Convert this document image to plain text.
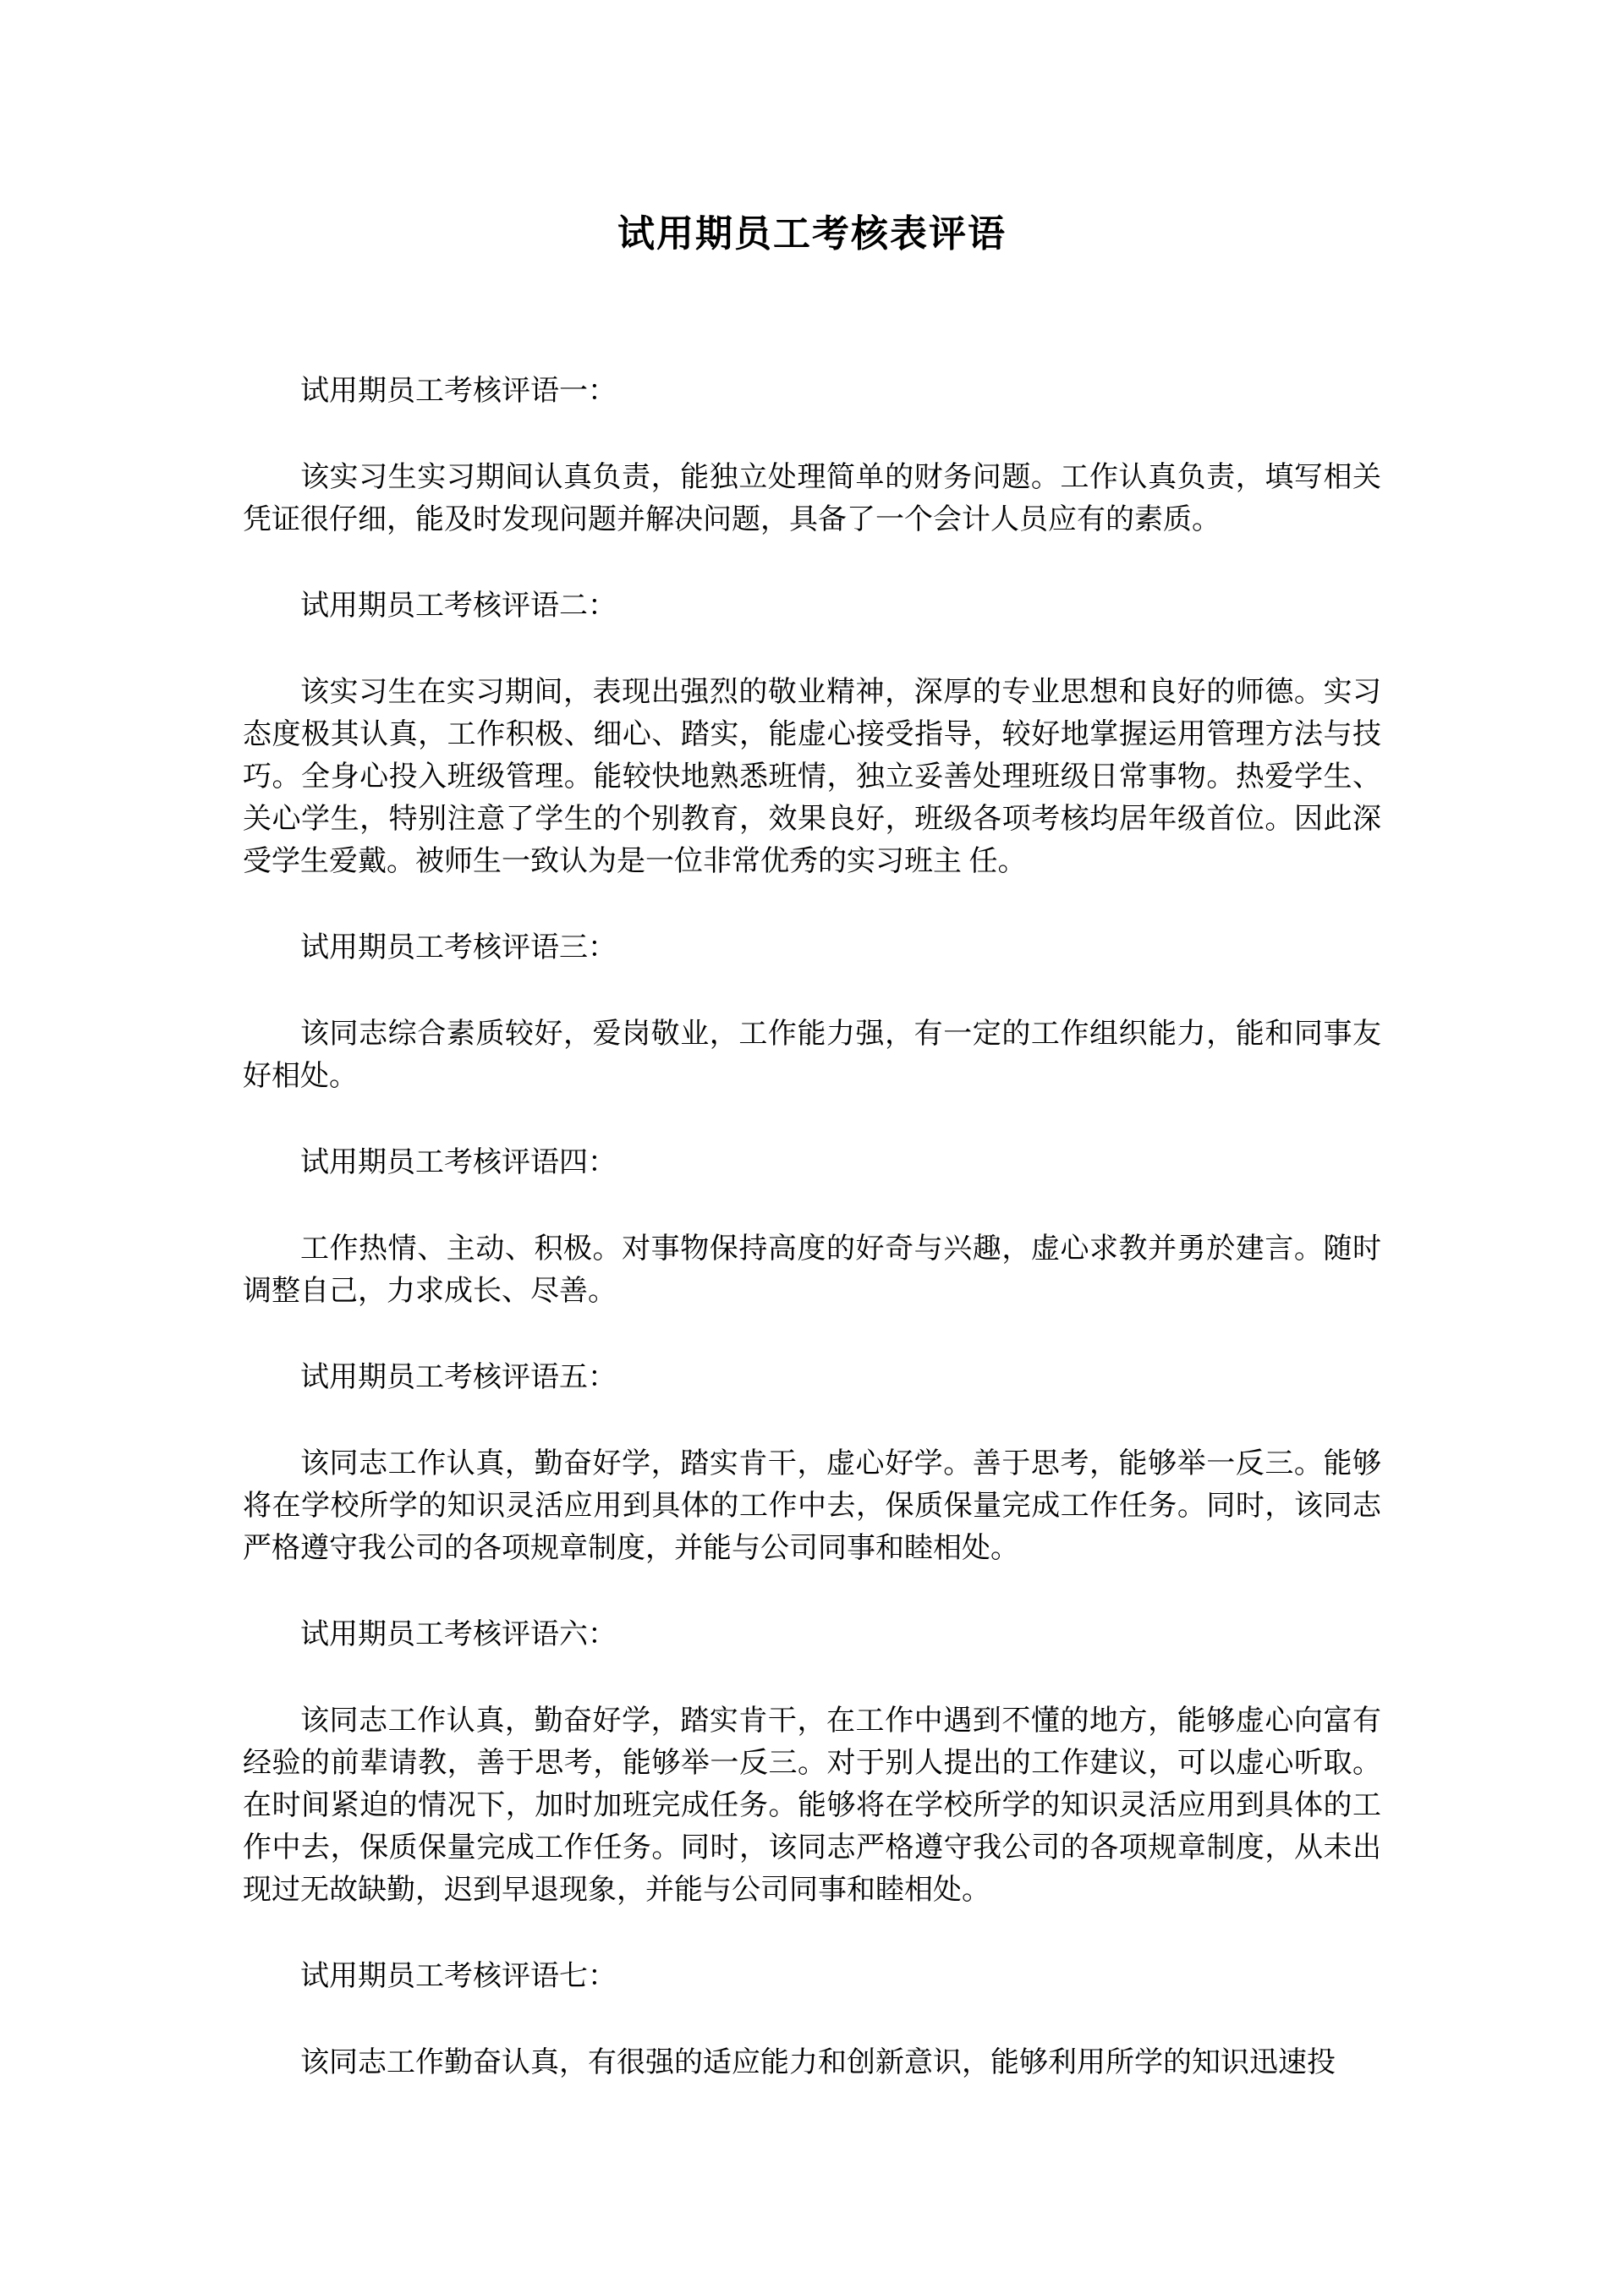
试用期员工考核表评语

试用期员工考核评语一：

该实习生实习期间认真负责，能独立处理简单的财务问题。工作认真负责，填写相关凭证很仔细，能及时发现问题并解决问题，具备了一个会计人员应有的素质。

试用期员工考核评语二：

该实习生在实习期间，表现出强烈的敬业精神，深厚的专业思想和良好的师德。实习态度极其认真，工作积极、细心、踏实，能虚心接受指导，较好地掌握运用管理方法与技巧。全身心投入班级管理。能较快地熟悉班情，独立妥善处理班级日常事物。热爱学生、关心学生，特别注意了学生的个别教育，效果良好，班级各项考核均居年级首位。因此深受学生爱戴。被师生一致认为是一位非常优秀的实习班主 任。

试用期员工考核评语三：

该同志综合素质较好，爱岗敬业，工作能力强，有一定的工作组织能力，能和同事友好相处。

试用期员工考核评语四：

工作热情、主动、积极。对事物保持高度的好奇与兴趣，虚心求教并勇於建言。随时调整自己，力求成长、尽善。

试用期员工考核评语五：

该同志工作认真，勤奋好学，踏实肯干，虚心好学。善于思考，能够举一反三。能够将在学校所学的知识灵活应用到具体的工作中去，保质保量完成工作任务。同时，该同志严格遵守我公司的各项规章制度，并能与公司同事和睦相处。

试用期员工考核评语六：

该同志工作认真，勤奋好学，踏实肯干，在工作中遇到不懂的地方，能够虚心向富有经验的前辈请教，善于思考，能够举一反三。对于别人提出的工作建议，可以虚心听取。在时间紧迫的情况下，加时加班完成任务。能够将在学校所学的知识灵活应用到具体的工作中去，保质保量完成工作任务。同时，该同志严格遵守我公司的各项规章制度，从未出现过无故缺勤，迟到早退现象，并能与公司同事和睦相处。

试用期员工考核评语七：

该同志工作勤奋认真，有很强的适应能力和创新意识，能够利用所学的知识迅速投
